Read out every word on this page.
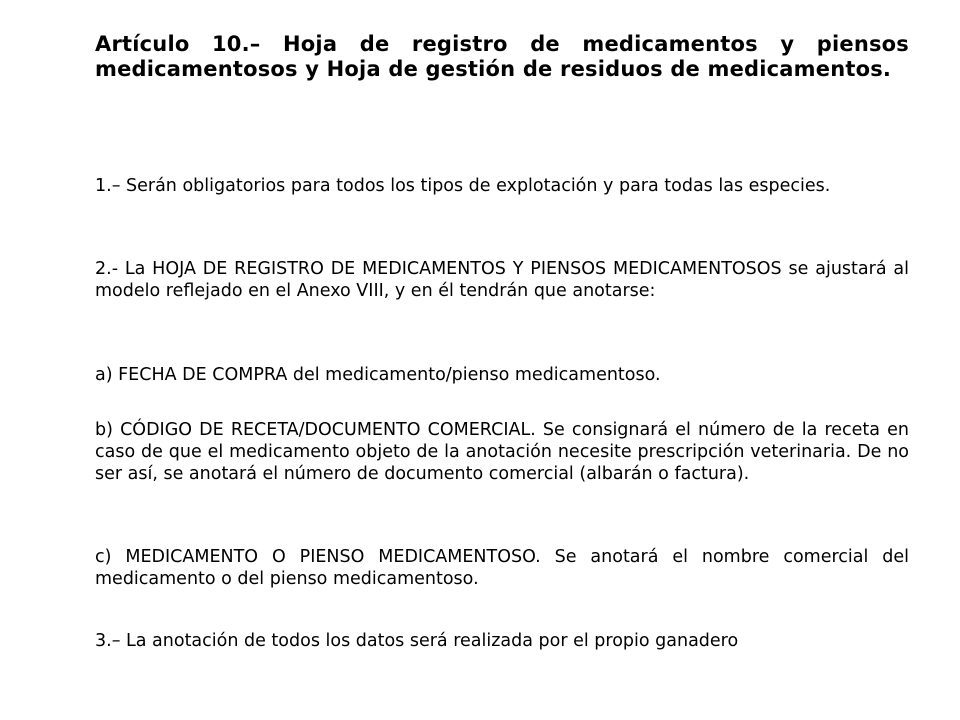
Artículo 10.– Hoja de registro de medicamentos y piensos medicamentosos y Hoja de gestión de residuos de medicamentos.

1.– Serán obligatorios para todos los tipos de explotación y para todas las especies.

2.- La HOJA DE REGISTRO DE MEDICAMENTOS Y PIENSOS MEDICAMENTOSOS se ajustará al modelo reflejado en el Anexo VIII, y en él tendrán que anotarse:

a) FECHA DE COMPRA del medicamento/pienso medicamentoso.

b) CÓDIGO DE RECETA/DOCUMENTO COMERCIAL. Se consignará el número de la receta en caso de que el medicamento objeto de la anotación necesite prescripción veterinaria. De no ser así, se anotará el número de documento comercial (albarán o factura).

c) MEDICAMENTO O PIENSO MEDICAMENTOSO. Se anotará el nombre comercial del medicamento o del pienso medicamentoso.

3.– La anotación de todos los datos será realizada por el propio ganadero
